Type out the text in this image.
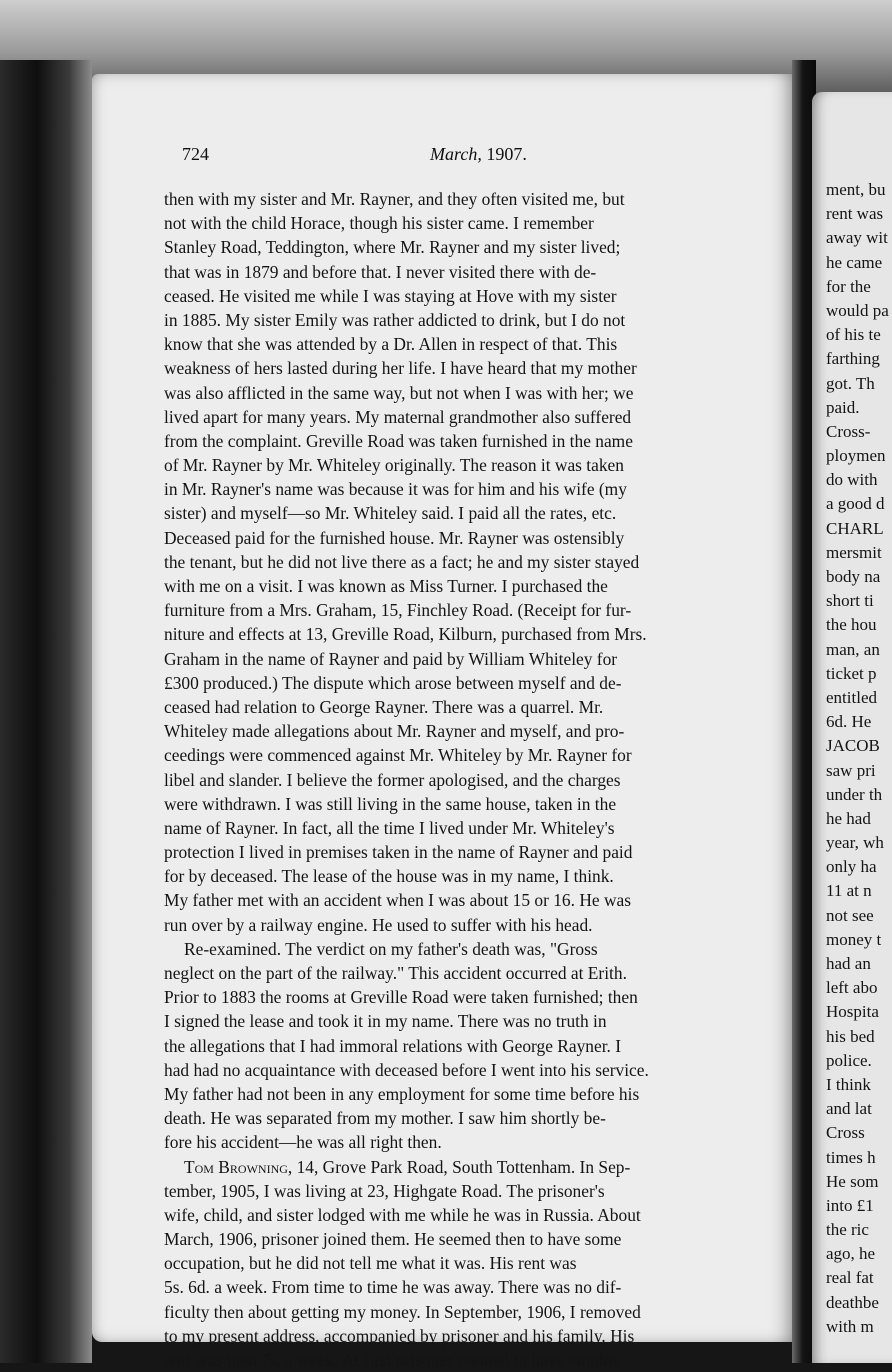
724	March, 1907.
then with my sister and Mr. Rayner, and they often visited me, but
not with the child Horace, though his sister came. I remember
Stanley Road, Teddington, where Mr. Rayner and my sister lived;
that was in 1879 and before that. I never visited there with de-
ceased. He visited me while I was staying at Hove with my sister
in 1885. My sister Emily was rather addicted to drink, but I do not
know that she was attended by a Dr. Allen in respect of that. This
weakness of hers lasted during her life. I have heard that my mother
was also afflicted in the same way, but not when I was with her; we
lived apart for many years. My maternal grandmother also suffered
from the complaint. Greville Road was taken furnished in the name
of Mr. Rayner by Mr. Whiteley originally. The reason it was taken
in Mr. Rayner's name was because it was for him and his wife (my
sister) and myself—so Mr. Whiteley said. I paid all the rates, etc.
Deceased paid for the furnished house. Mr. Rayner was ostensibly
the tenant, but he did not live there as a fact; he and my sister stayed
with me on a visit. I was known as Miss Turner. I purchased the
furniture from a Mrs. Graham, 15, Finchley Road. (Receipt for fur-
niture and effects at 13, Greville Road, Kilburn, purchased from Mrs.
Graham in the name of Rayner and paid by William Whiteley for
£300 produced.) The dispute which arose between myself and de-
ceased had relation to George Rayner. There was a quarrel. Mr.
Whiteley made allegations about Mr. Rayner and myself, and pro-
ceedings were commenced against Mr. Whiteley by Mr. Rayner for
libel and slander. I believe the former apologised, and the charges
were withdrawn. I was still living in the same house, taken in the
name of Rayner. In fact, all the time I lived under Mr. Whiteley's
protection I lived in premises taken in the name of Rayner and paid
for by deceased. The lease of the house was in my name, I think.
My father met with an accident when I was about 15 or 16. He was
run over by a railway engine. He used to suffer with his head.
Re-examined. The verdict on my father's death was, "Gross
neglect on the part of the railway." This accident occurred at Erith.
Prior to 1883 the rooms at Greville Road were taken furnished; then
I signed the lease and took it in my name. There was no truth in
the allegations that I had immoral relations with George Rayner. I
had had no acquaintance with deceased before I went into his service.
My father had not been in any employment for some time before his
death. He was separated from my mother. I saw him shortly be-
fore his accident—he was all right then.
Tom Browning, 14, Grove Park Road, South Tottenham. In Sep-
tember, 1905, I was living at 23, Highgate Road. The prisoner's
wife, child, and sister lodged with me while he was in Russia. About
March, 1906, prisoner joined them. He seemed then to have some
occupation, but he did not tell me what it was. His rent was
5s. 6d. a week. From time to time he was away. There was no dif-
ficulty then about getting my money. In September, 1906, I removed
to my present address, accompanied by prisoner and his family. His
rent was then 7s. a week. At first prisoner seemed to have employ-
ment, bu
rent was
away wit
he came
for the
would pa
of his te
farthing
got. Th
paid.
Cross-
ploymen
do with
a good d
CHARL
mersmit
body na
short ti
the hou
man, an
ticket p
entitled
6d. He
JACOB
saw pri
under th
he had
year, wh
only ha
11 at n
not see
money t
had an
left abo
Hospita
his bed
police.
I think
and lat
Cross
times h
He som
into £1
the ric
ago, he
real fat
deathbe
with m
